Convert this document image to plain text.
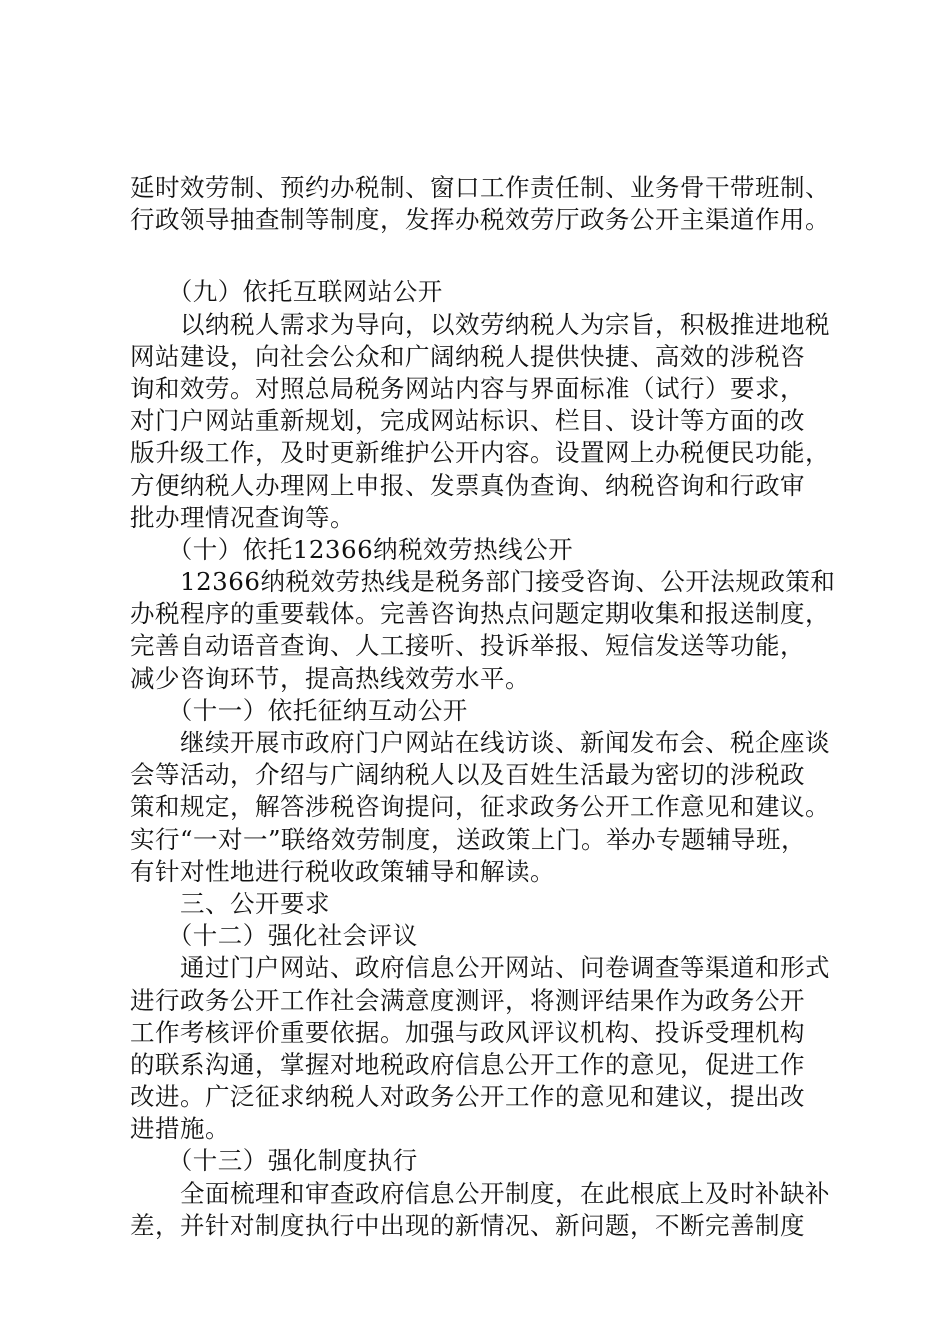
延时效劳制、预约办税制、窗口工作责任制、业务骨干带班制、
行政领导抽查制等制度，发挥办税效劳厅政务公开主渠道作用。
　　（九）依托互联网站公开
　　以纳税人需求为导向，以效劳纳税人为宗旨，积极推进地税
网站建设，向社会公众和广阔纳税人提供快捷、高效的涉税咨
询和效劳。对照总局税务网站内容与界面标准（试行）要求，
对门户网站重新规划，完成网站标识、栏目、设计等方面的改
版升级工作，及时更新维护公开内容。设置网上办税便民功能，
方便纳税人办理网上申报、发票真伪查询、纳税咨询和行政审
批办理情况查询等。
　　（十）依托12366纳税效劳热线公开
　　12366纳税效劳热线是税务部门接受咨询、公开法规政策和
办税程序的重要载体。完善咨询热点问题定期收集和报送制度，
完善自动语音查询、人工接听、投诉举报、短信发送等功能，
减少咨询环节，提高热线效劳水平。
　　（十一）依托征纳互动公开
　　继续开展市政府门户网站在线访谈、新闻发布会、税企座谈
会等活动，介绍与广阔纳税人以及百姓生活最为密切的涉税政
策和规定，解答涉税咨询提问，征求政务公开工作意见和建议。
实行“一对一”联络效劳制度，送政策上门。举办专题辅导班，
有针对性地进行税收政策辅导和解读。
　　三、公开要求
　　（十二）强化社会评议
　　通过门户网站、政府信息公开网站、问卷调查等渠道和形式
进行政务公开工作社会满意度测评，将测评结果作为政务公开
工作考核评价重要依据。加强与政风评议机构、投诉受理机构
的联系沟通，掌握对地税政府信息公开工作的意见，促进工作
改进。广泛征求纳税人对政务公开工作的意见和建议，提出改
进措施。
　　（十三）强化制度执行
　　全面梳理和审查政府信息公开制度，在此根底上及时补缺补
差，并针对制度执行中出现的新情况、新问题，不断完善制度
